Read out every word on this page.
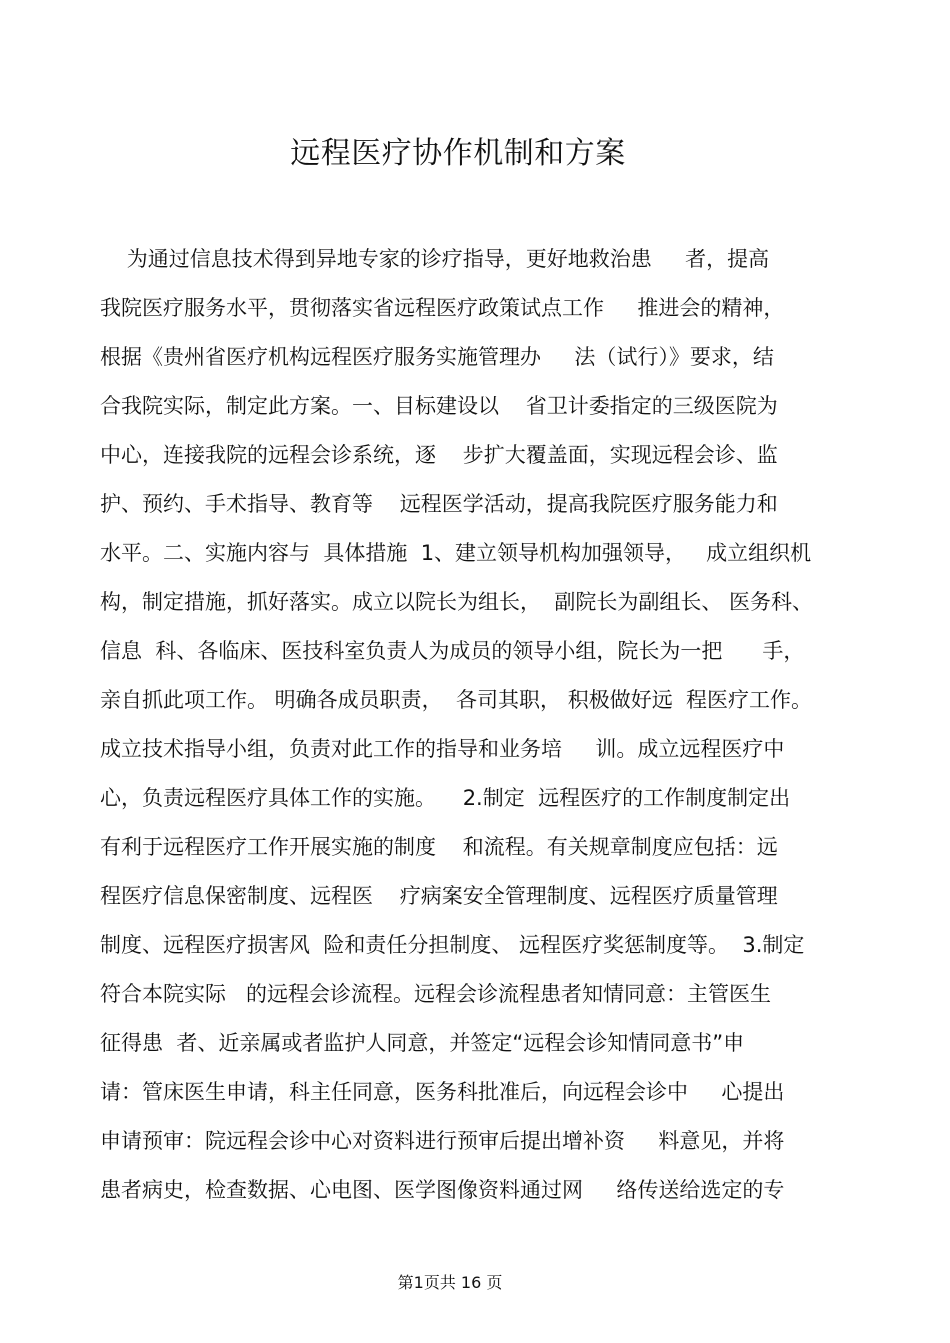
远程医疗协作机制和方案
为通过信息技术得到异地专家的诊疗指导，更好地救治患     者，提高
我院医疗服务水平，贯彻落实省远程医疗政策试点工作     推进会的精神，
根据《贵州省医疗机构远程医疗服务实施管理办     法（试行）》要求，结
合我院实际，制定此方案。一、目标建设以    省卫计委指定的三级医院为
中心，连接我院的远程会诊系统，逐    步扩大覆盖面，实现远程会诊、监
护、预约、手术指导、教育等    远程医学活动，提高我院医疗服务能力和
水平。二、实施内容与  具体措施  1、建立领导机构加强领导，   成立组织机
构，制定措施，抓好落实。成立以院长为组长，  副院长为副组长、 医务科、
信息  科、各临床、医技科室负责人为成员的领导小组，院长为一把      手，
亲自抓此项工作。 明确各成员职责，  各司其职， 积极做好远  程医疗工作。
成立技术指导小组，负责对此工作的指导和业务培     训。成立远程医疗中
心，负责远程医疗具体工作的实施。    2.制定  远程医疗的工作制度制定出
有利于远程医疗工作开展实施的制度    和流程。有关规章制度应包括：远
程医疗信息保密制度、远程医    疗病案安全管理制度、远程医疗质量管理
制度、远程医疗损害风  险和责任分担制度、 远程医疗奖惩制度等。  3.制定
符合本院实际   的远程会诊流程。远程会诊流程患者知情同意：主管医生
征得患  者、近亲属或者监护人同意，并签定“远程会诊知情同意书”申
请：管床医生申请，科主任同意，医务科批准后，向远程会诊中     心提出
申请预审：院远程会诊中心对资料进行预审后提出增补资     料意见，并将
患者病史，检查数据、心电图、医学图像资料通过网     络传送给选定的专
第1页共 16 页
